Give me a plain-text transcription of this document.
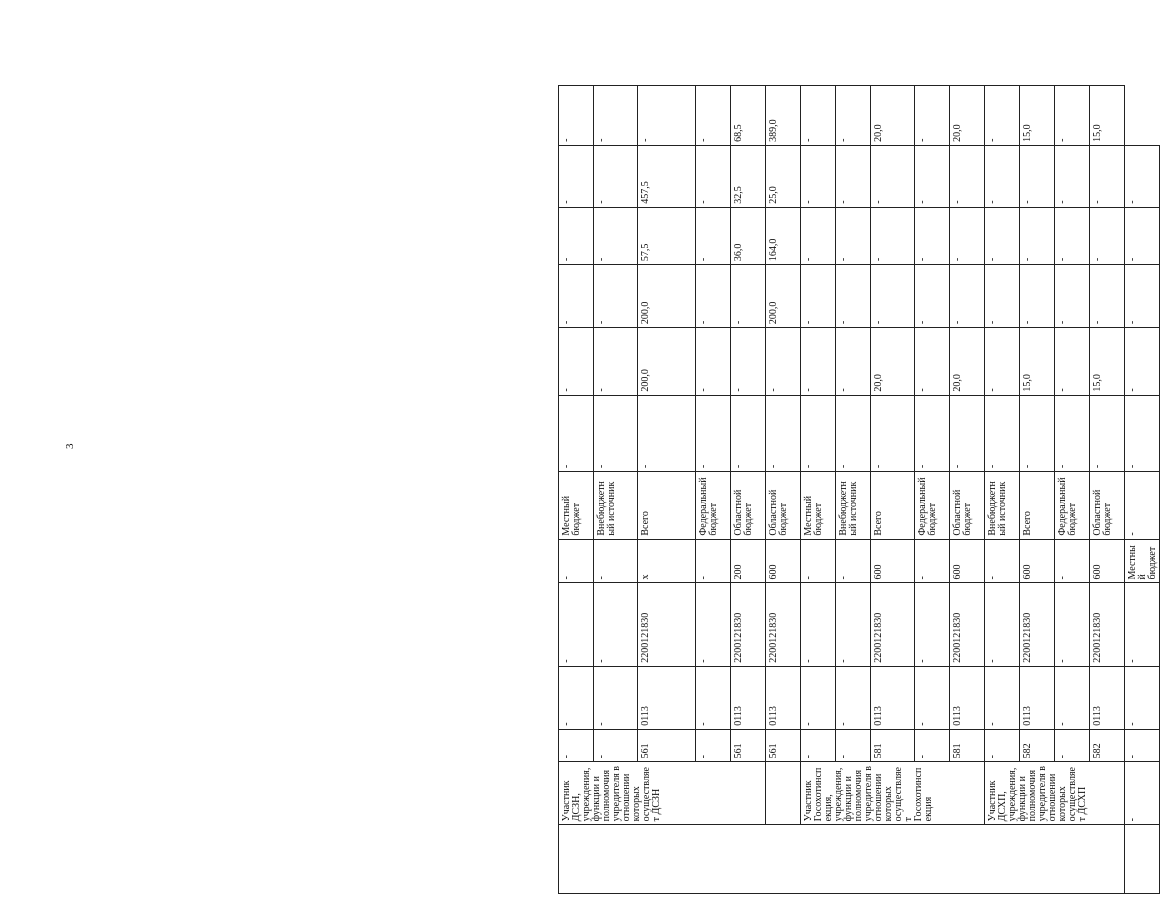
3
	Участник ДСЗН, учреждения, функции и полномочия учредителя в отношении которых осуществляет ДСЗН	-	-	-	-	Местный бюджет	-	-	-	-	-	-
		-	-	-	-	Внебюджетный источник	-	-	-	-	-	-
		561	0113	2200121830	х	Всего	-	200,0	200,0	57,5	457,5	-
		-	-	-	-	Федеральный бюджет	-	-	-	-	-	-
		561	0113	2200121830	200	Областной бюджет	-	-	-	36,0	32,5	68,5
		561	0113	2200121830	600	Областной бюджет	-	-	200,0	164,0	25,0	389,0
	Участник Госохотинспекция, учреждения, функции и полномочия учредителя в отношении которых осуществляет Госохотинспекция	-	-	-	-	Местный бюджет	-	-	-	-	-	-
		-	-	-	-	Внебюджетный источник	-	-	-	-	-	-
		581	0113	2200121830	600	Всего	-	20,0	-	-	-	20,0
		-	-	-	-	Федеральный бюджет	-	-	-	-	-	-
		581	0113	2200121830	600	Областной бюджет	-	20,0	-	-	-	20,0
	Участник ДСХП, учреждения, функции и полномочия учредителя в отношении которых осуществляет ДСХП	-	-	-	-	Внебюджетный источник	-	-	-	-	-	-
		582	0113	2200121830	600	Всего	-	15,0	-	-	-	15,0
		-	-	-	-	Федеральный бюджет	-	-	-	-	-	-
		582	0113	2200121830	600	Областной бюджет	-	15,0	-	-	-	15,0
	-	-	-	-	Местный бюджет	-	-	-	-	-	-	
